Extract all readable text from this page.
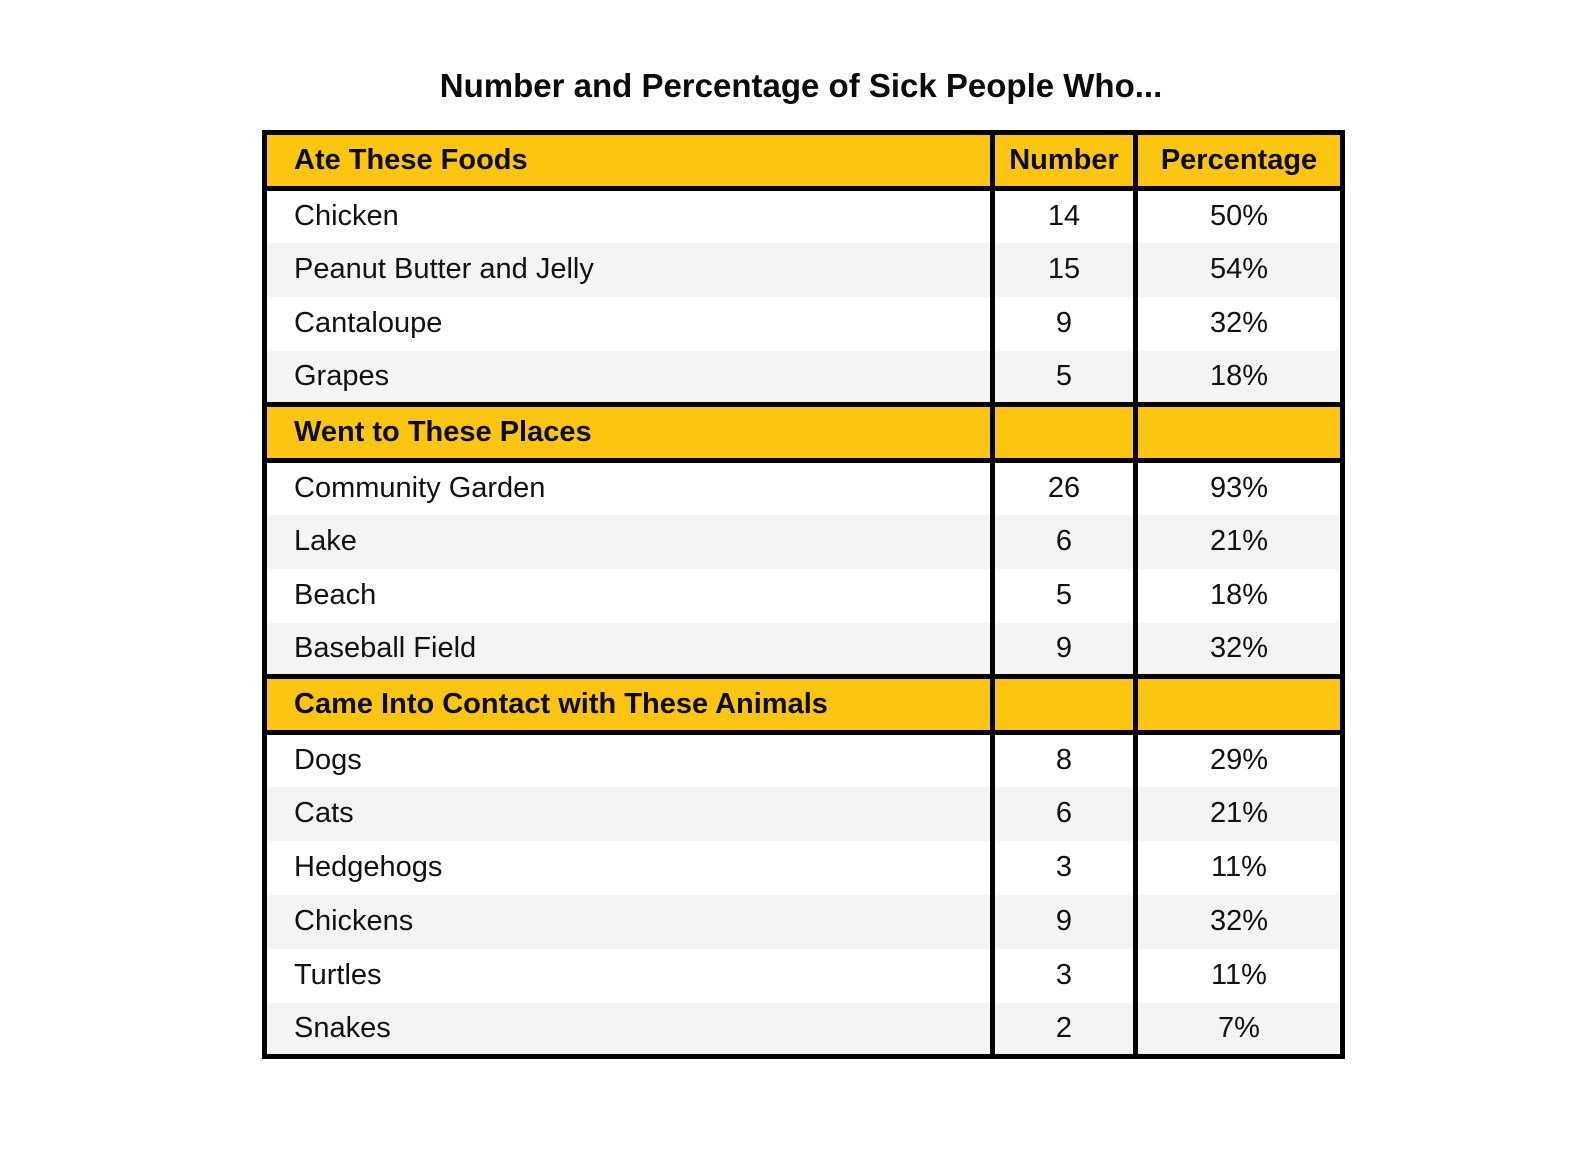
Number and Percentage of Sick People Who...
Ate These Foods	Number	Percentage
Chicken	14	50%
Peanut Butter and Jelly	15	54%
Cantaloupe	9	32%
Grapes	5	18%
Went to These Places		
Community Garden	26	93%
Lake	6	21%
Beach	5	18%
Baseball Field	9	32%
Came Into Contact with These Animals		
Dogs	8	29%
Cats	6	21%
Hedgehogs	3	11%
Chickens	9	32%
Turtles	3	11%
Snakes	2	7%
